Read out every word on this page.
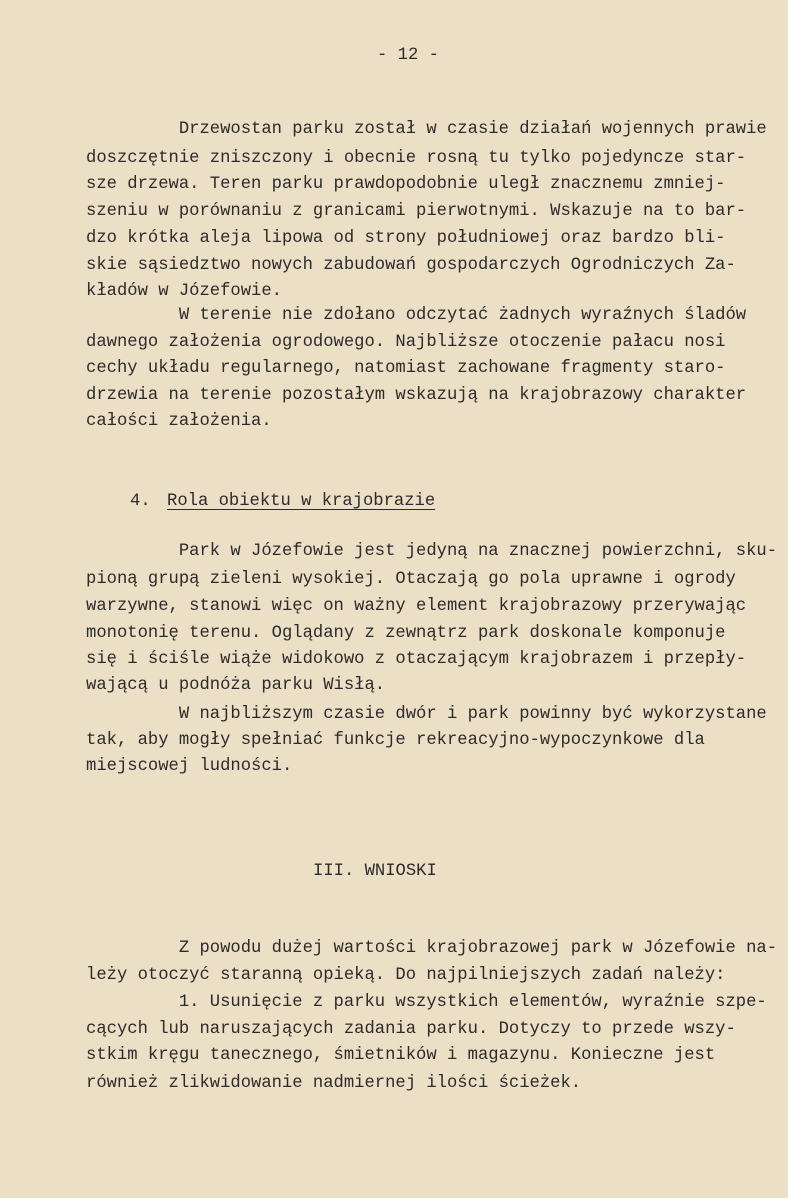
- 12 -
Drzewostan parku został w czasie działań wojennych prawie
doszczętnie zniszczony i obecnie rosną tu tylko pojedyncze star-
sze drzewa. Teren parku prawdopodobnie uległ znacznemu zmniej-
szeniu w porównaniu z granicami pierwotnymi. Wskazuje na to bar-
dzo krótka aleja lipowa od strony południowej oraz bardzo bli-
skie sąsiedztwo nowych zabudowań gospodarczych Ogrodniczych Za-
kładów w Józefowie.
W terenie nie zdołano odczytać żadnych wyraźnych śladów
dawnego założenia ogrodowego. Najbliższe otoczenie pałacu nosi
cechy układu regularnego, natomiast zachowane fragmenty staro-
drzewia na terenie pozostałym wskazują na krajobrazowy charakter
całości założenia.
4. Rola obiektu w krajobrazie
Park w Józefowie jest jedyną na znacznej powierzchni, sku-
pioną grupą zieleni wysokiej. Otaczają go pola uprawne i ogrody
warzywne, stanowi więc on ważny element krajobrazowy przerywając
monotonię terenu. Oglądany z zewnątrz park doskonale komponuje
się i ściśle wiąże widokowo z otaczającym krajobrazem i przepły-
wającą u podnóża parku Wisłą.
W najbliższym czasie dwór i park powinny być wykorzystane
tak, aby mogły spełniać funkcje rekreacyjno-wypoczynkowe dla
miejscowej ludności.
III. WNIOSKI
Z powodu dużej wartości krajobrazowej park w Józefowie na-
leży otoczyć staranną opieką. Do najpilniejszych zadań należy:
1. Usunięcie z parku wszystkich elementów, wyraźnie szpe-
cących lub naruszających zadania parku. Dotyczy to przede wszy-
stkim kręgu tanecznego, śmietników i magazynu. Konieczne jest
również zlikwidowanie nadmiernej ilości ścieżek.
